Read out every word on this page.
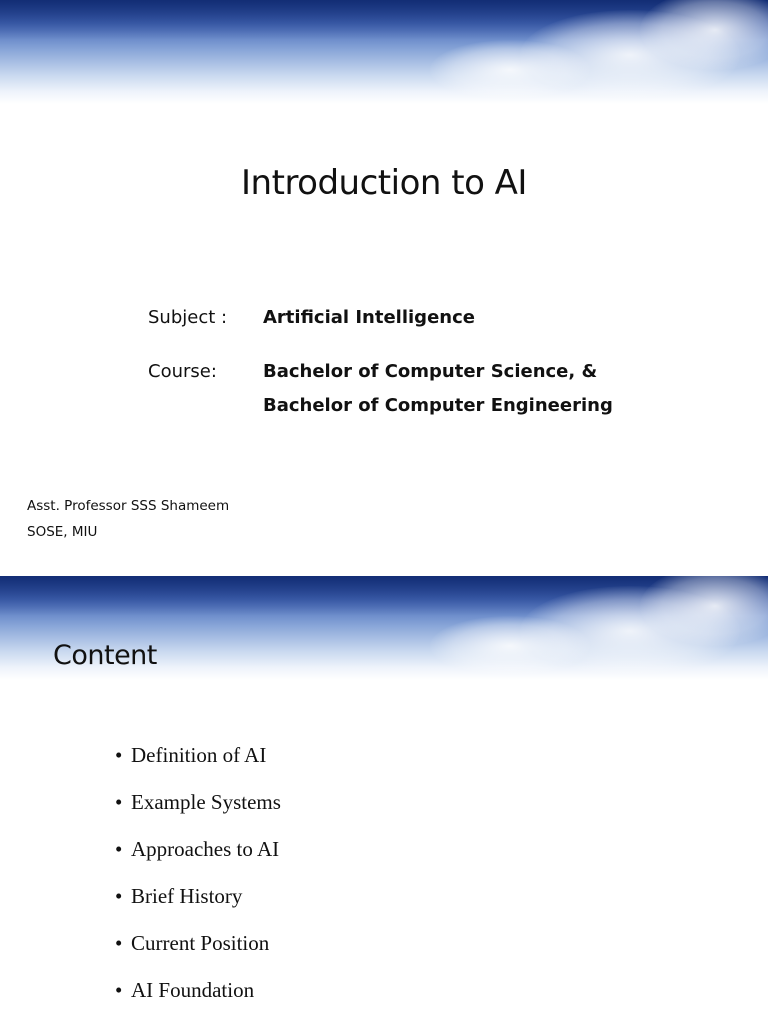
Introduction to AI
Subject : Artificial Intelligence
Course:	Bachelor of Computer Science, &
Bachelor of Computer Engineering
Asst. Professor SSS Shameem
SOSE, MIU
Content
• Definition of AI
• Example Systems
• Approaches to AI
• Brief History
• Current Position
• AI Foundation
